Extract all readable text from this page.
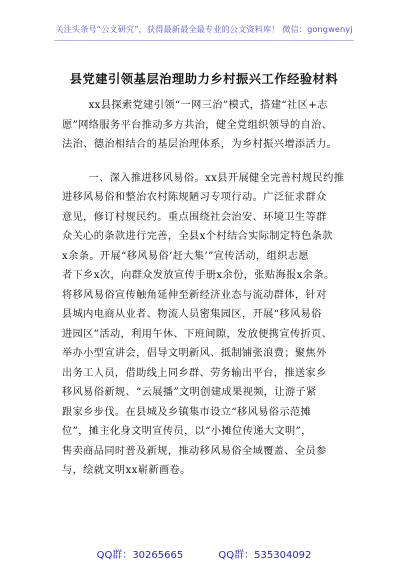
关注头条号“公文研究”，获得最新最全最专业的公文资料库！ 微信：gongwenyj
县党建引领基层治理助力乡村振兴工作经验材料

xx县探索党建引领“一网三治”模式，搭建“社区+志
愿”网络服务平台推动多方共治，健全党组织领导的自治、
法治、德治相结合的基层治理体系，为乡村振兴增添活力。

一、深入推进移风易俗。xx县开展健全完善村规民约推
进移风易俗和整治农村陈规陋习专项行动。广泛征求群众
意见，修订村规民约。重点围绕社会治安、环境卫生等群
众关心的条款进行完善，全县x个村结合实际制定特色条款
x余条。开展“移风易俗‘赶大集’”宣传活动，组织志愿
者下乡x次，向群众发放宣传手册x余份，张贴海报x余条。
将移风易俗宣传触角延伸至新经济业态与流动群体，针对
县城内电商从业者、物流人员密集园区，开展“移风易俗
进园区”活动，利用午休、下班间隙，发放便携宣传折页、
举办小型宣讲会，倡导文明新风、抵制铺张浪费；聚焦外
出务工人员，借助线上同乡群、劳务输出平台，推送家乡
移风易俗新规、“云展播”文明创建成果视频，让游子紧
跟家乡步伐。在县城及乡镇集市设立“移风易俗示范摊
位”，摊主化身文明宣传员，以“小摊位传递大文明”，
售卖商品同时普及新规，推动移风易俗全域覆盖、全员参
与，绘就文明xx崭新画卷。

QQ群：30265665	QQ群：535304092
